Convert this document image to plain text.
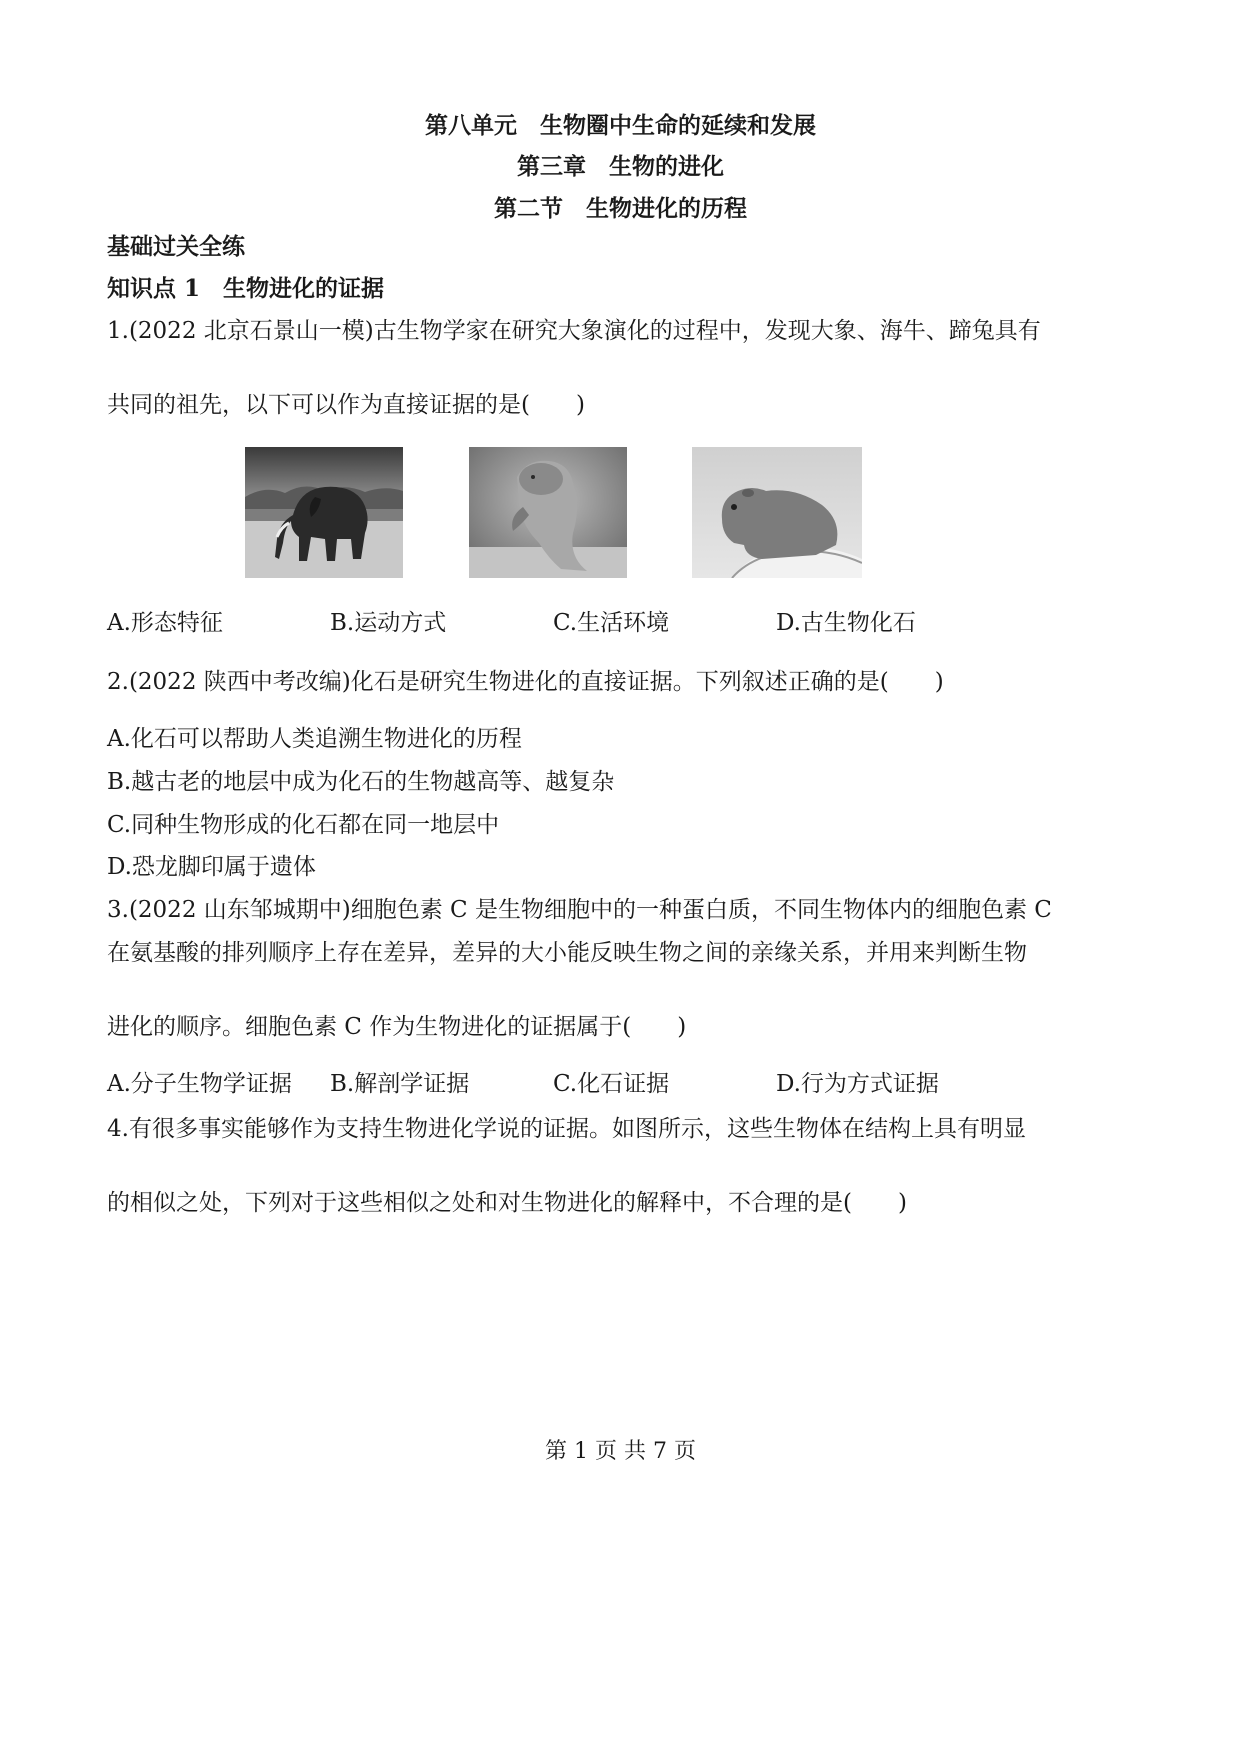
第八单元　生物圈中生命的延续和发展
第三章　生物的进化
第二节　生物进化的历程
基础过关全练
知识点 1　生物进化的证据
1.(2022 北京石景山一模)古生物学家在研究大象演化的过程中，发现大象、海牛、蹄兔具有
共同的祖先，以下可以作为直接证据的是(　　)
A.形态特征	B.运动方式	C.生活环境	D.古生物化石
2.(2022 陕西中考改编)化石是研究生物进化的直接证据。下列叙述正确的是(　　)
A.化石可以帮助人类追溯生物进化的历程
B.越古老的地层中成为化石的生物越高等、越复杂
C.同种生物形成的化石都在同一地层中
D.恐龙脚印属于遗体
3.(2022 山东邹城期中)细胞色素 C 是生物细胞中的一种蛋白质，不同生物体内的细胞色素 C
在氨基酸的排列顺序上存在差异，差异的大小能反映生物之间的亲缘关系，并用来判断生物
进化的顺序。细胞色素 C 作为生物进化的证据属于(　　)
A.分子生物学证据 B.解剖学证据	C.化石证据	D.行为方式证据
4.有很多事实能够作为支持生物进化学说的证据。如图所示，这些生物体在结构上具有明显
的相似之处，下列对于这些相似之处和对生物进化的解释中，不合理的是(　　)
第 1 页 共 7 页
